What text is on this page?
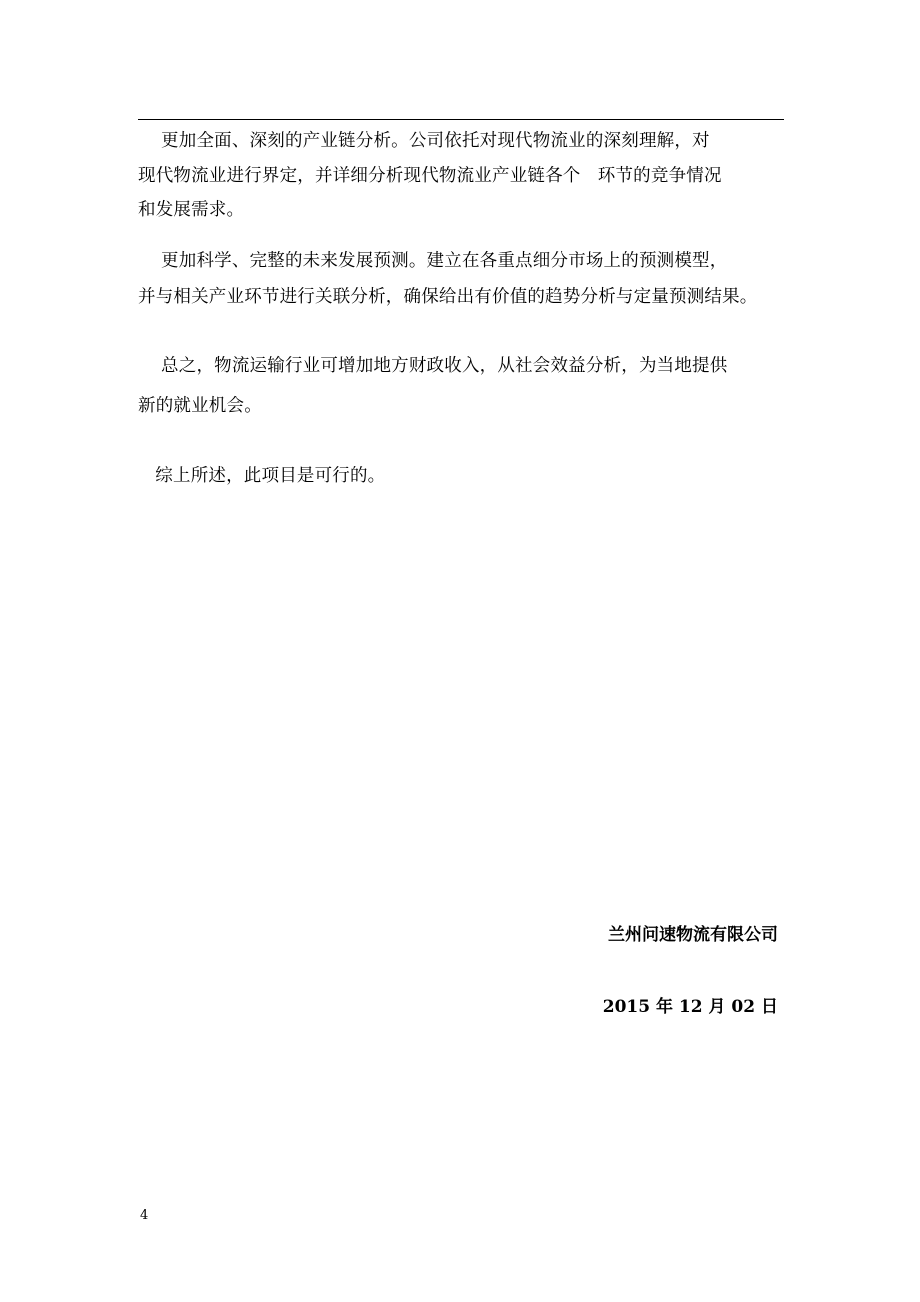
更加全面、深刻的产业链分析。公司依托对现代物流业的深刻理解，对
现代物流业进行界定，并详细分析现代物流业产业链各个   环节的竞争情况
和发展需求。
更加科学、完整的未来发展预测。建立在各重点细分市场上的预测模型，
并与相关产业环节进行关联分析，确保给出有价值的趋势分析与定量预测结果。
总之，物流运输行业可增加地方财政收入，从社会效益分析，为当地提供
新的就业机会。
综上所述，此项目是可行的。
兰州问速物流有限公司
2015 年 12 月 02 日
4
